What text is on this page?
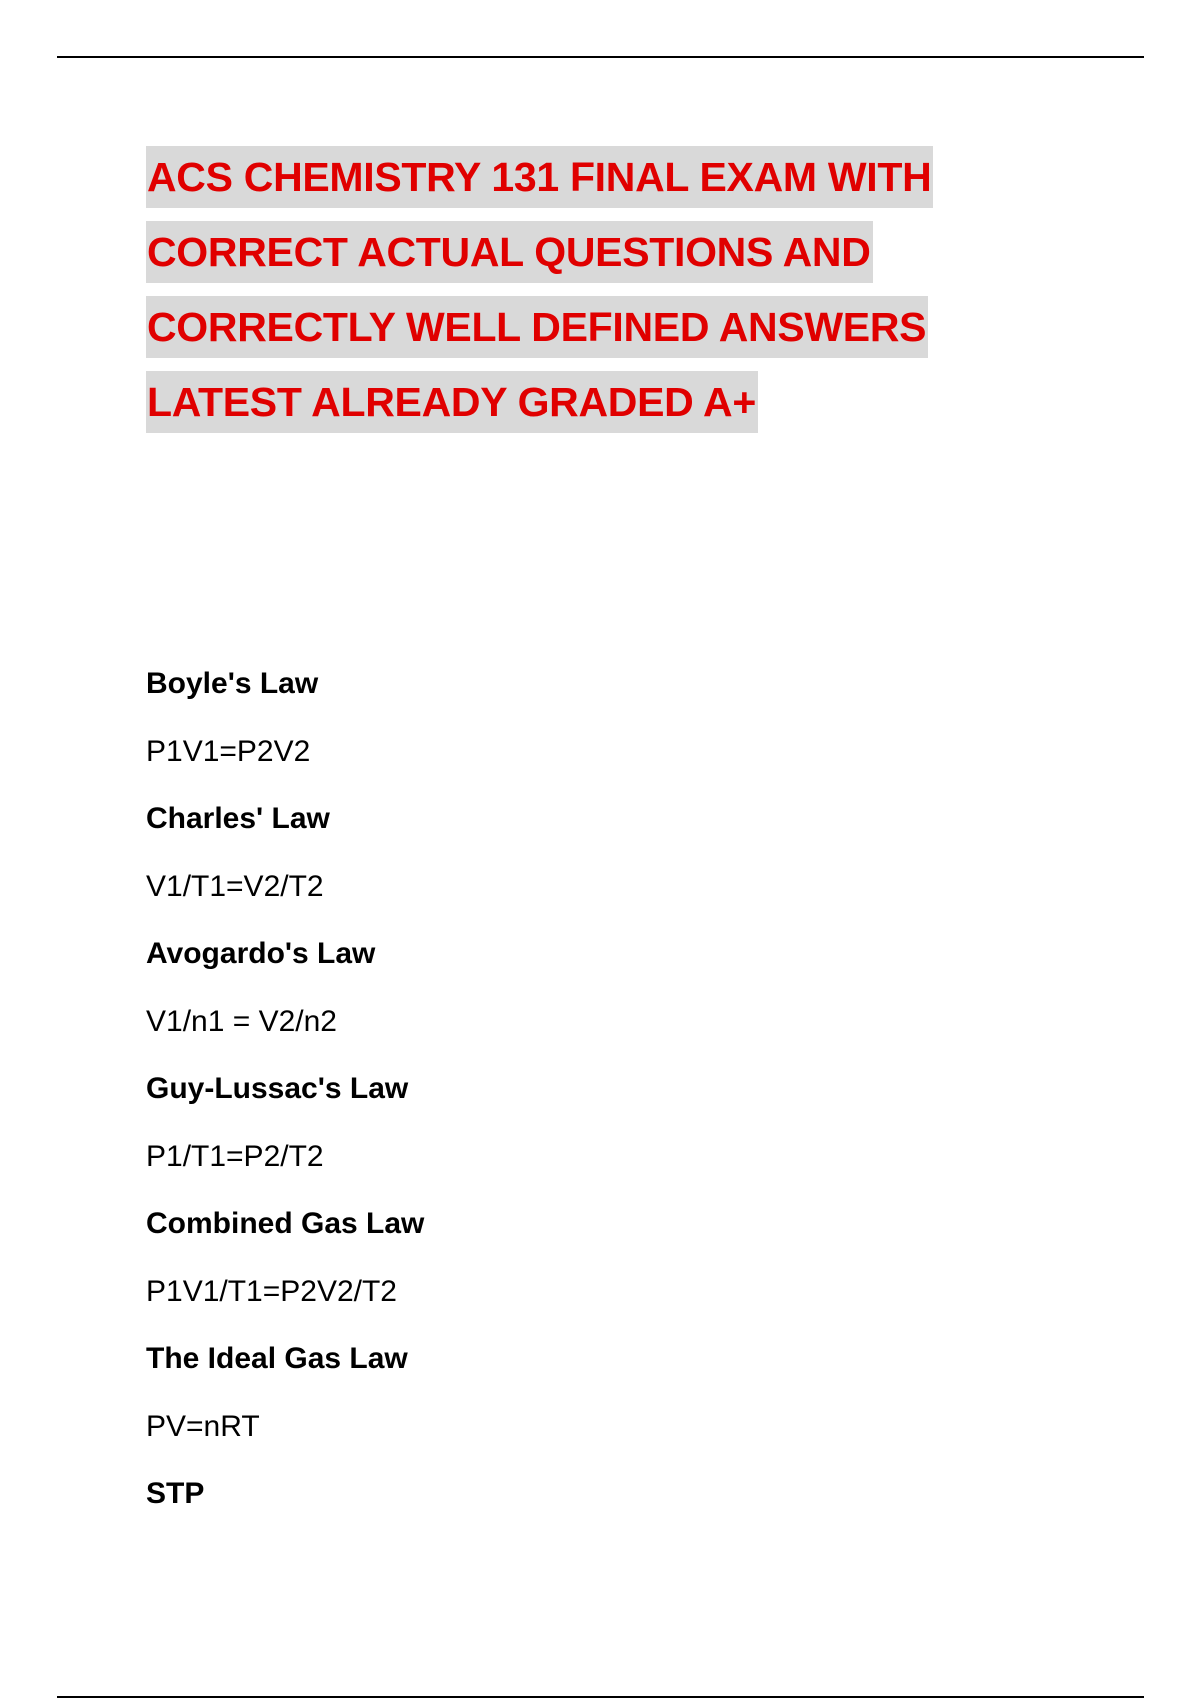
ACS CHEMISTRY 131 FINAL EXAM WITH
CORRECT ACTUAL QUESTIONS AND
CORRECTLY WELL DEFINED ANSWERS
LATEST ALREADY GRADED A+
Boyle's Law
P1V1=P2V2
Charles' Law
V1/T1=V2/T2
Avogardo's Law
V1/n1 = V2/n2
Guy-Lussac's Law
P1/T1=P2/T2
Combined Gas Law
P1V1/T1=P2V2/T2
The Ideal Gas Law
PV=nRT
STP
